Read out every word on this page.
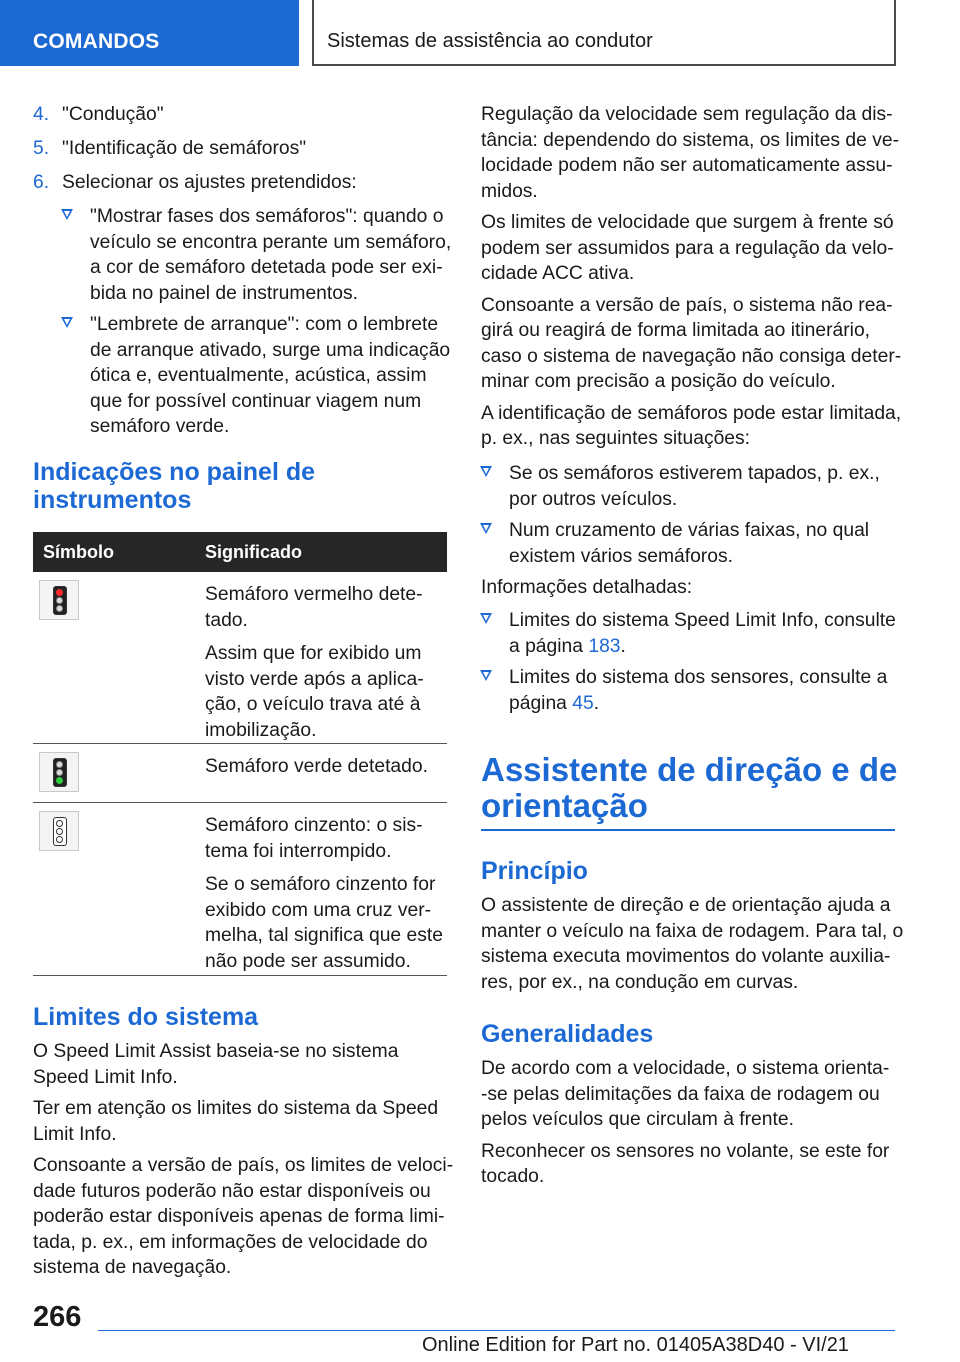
COMANDOS	Sistemas de assistência ao condutor
4. "Condução"
5. "Identificação de semáforos"
6. Selecionar os ajustes pretendidos:
"Mostrar fases dos semáforos": quando o
veículo se encontra perante um semáforo,
a cor de semáforo detetada pode ser exi-
bida no painel de instrumentos.
"Lembrete de arranque": com o lembrete
de arranque ativado, surge uma indicação
ótica e, eventualmente, acústica, assim
que for possível continuar viagem num
semáforo verde.
Indicações no painel de
instrumentos
Símbolo	Significado
Semáforo vermelho dete-
tado.
Assim que for exibido um
visto verde após a aplica-
ção, o veículo trava até à
imobilização.
Semáforo verde detetado.
Semáforo cinzento: o sis-
tema foi interrompido.
Se o semáforo cinzento for
exibido com uma cruz ver-
melha, tal significa que este
não pode ser assumido.
Limites do sistema
O Speed Limit Assist baseia-se no sistema
Speed Limit Info.
Ter em atenção os limites do sistema da Speed
Limit Info.
Consoante a versão de país, os limites de veloci-
dade futuros poderão não estar disponíveis ou
poderão estar disponíveis apenas de forma limi-
tada, p. ex., em informações de velocidade do
sistema de navegação.
Regulação da velocidade sem regulação da dis-
tância: dependendo do sistema, os limites de ve-
locidade podem não ser automaticamente assu-
midos.
Os limites de velocidade que surgem à frente só
podem ser assumidos para a regulação da velo-
cidade ACC ativa.
Consoante a versão de país, o sistema não rea-
girá ou reagirá de forma limitada ao itinerário,
caso o sistema de navegação não consiga deter-
minar com precisão a posição do veículo.
A identificação de semáforos pode estar limitada,
p. ex., nas seguintes situações:
Se os semáforos estiverem tapados, p. ex.,
por outros veículos.
Num cruzamento de várias faixas, no qual
existem vários semáforos.
Informações detalhadas:
Limites do sistema Speed Limit Info, consulte
a página 183.
Limites do sistema dos sensores, consulte a
página 45.
Assistente de direção e de
orientação
Princípio
O assistente de direção e de orientação ajuda a
manter o veículo na faixa de rodagem. Para tal, o
sistema executa movimentos do volante auxilia-
res, por ex., na condução em curvas.
Generalidades
De acordo com a velocidade, o sistema orienta-
-se pelas delimitações da faixa de rodagem ou
pelos veículos que circulam à frente.
Reconhecer os sensores no volante, se este for
tocado.
266
Online Edition for Part no. 01405A38D40 - VI/21
